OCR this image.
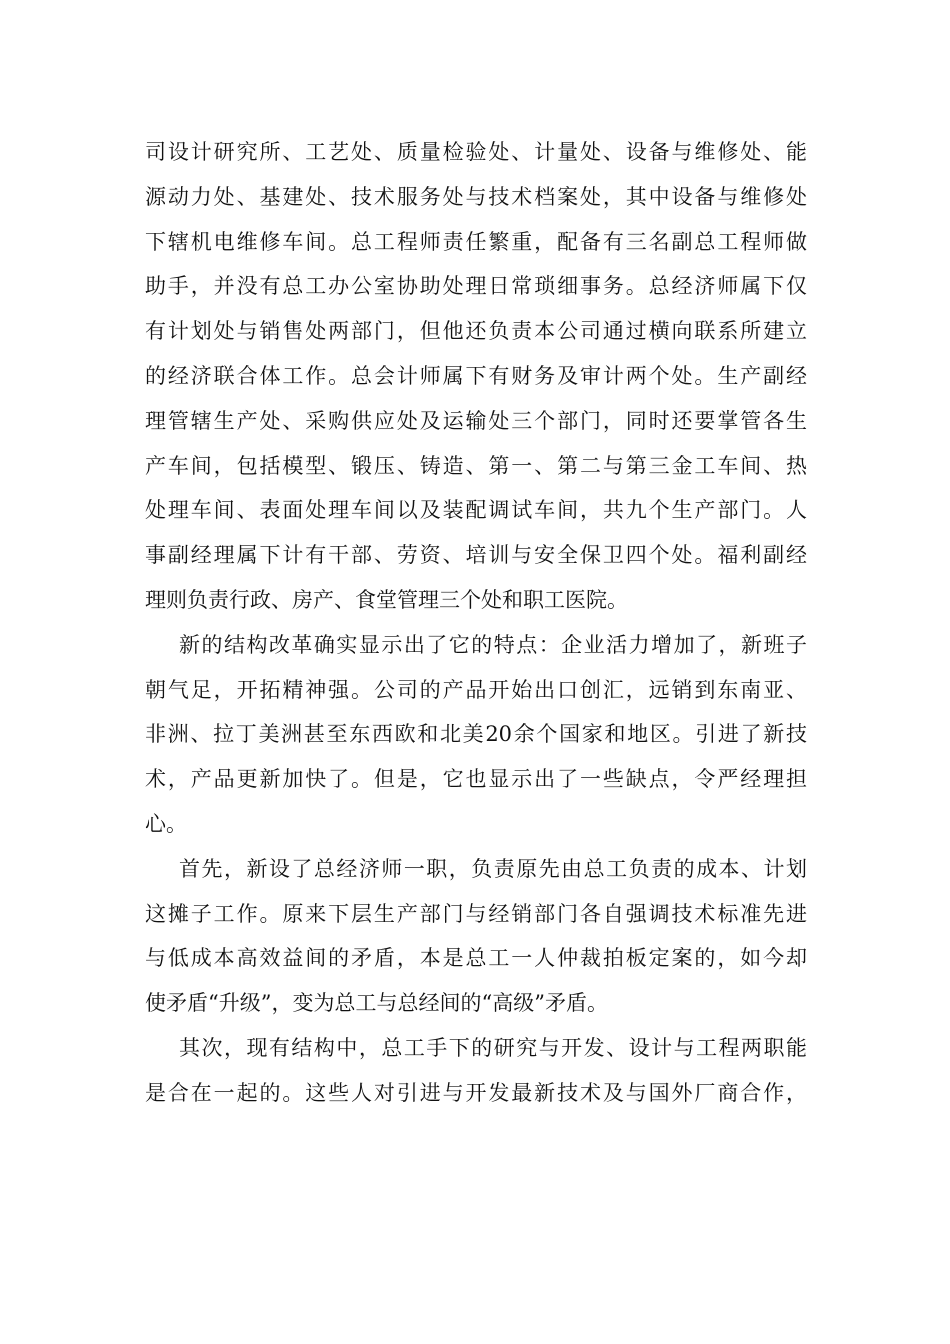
司设计研究所、工艺处、质量检验处、计量处、设备与维修处、能
源动力处、基建处、技术服务处与技术档案处，其中设备与维修处
下辖机电维修车间。总工程师责任繁重，配备有三名副总工程师做
助手，并没有总工办公室协助处理日常琐细事务。总经济师属下仅
有计划处与销售处两部门，但他还负责本公司通过横向联系所建立
的经济联合体工作。总会计师属下有财务及审计两个处。生产副经
理管辖生产处、采购供应处及运输处三个部门，同时还要掌管各生
产车间，包括模型、锻压、铸造、第一、第二与第三金工车间、热
处理车间、表面处理车间以及装配调试车间，共九个生产部门。人
事副经理属下计有干部、劳资、培训与安全保卫四个处。福利副经
理则负责行政、房产、食堂管理三个处和职工医院。
新的结构改革确实显示出了它的特点：企业活力增加了，新班子
朝气足，开拓精神强。公司的产品开始出口创汇，远销到东南亚、
非洲、拉丁美洲甚至东西欧和北美20余个国家和地区。引进了新技
术，产品更新加快了。但是，它也显示出了一些缺点，令严经理担
心。
首先，新设了总经济师一职，负责原先由总工负责的成本、计划
这摊子工作。原来下层生产部门与经销部门各自强调技术标准先进
与低成本高效益间的矛盾，本是总工一人仲裁拍板定案的，如今却
使矛盾“升级”，变为总工与总经间的“高级”矛盾。
其次，现有结构中，总工手下的研究与开发、设计与工程两职能
是合在一起的。这些人对引进与开发最新技术及与国外厂商合作，
